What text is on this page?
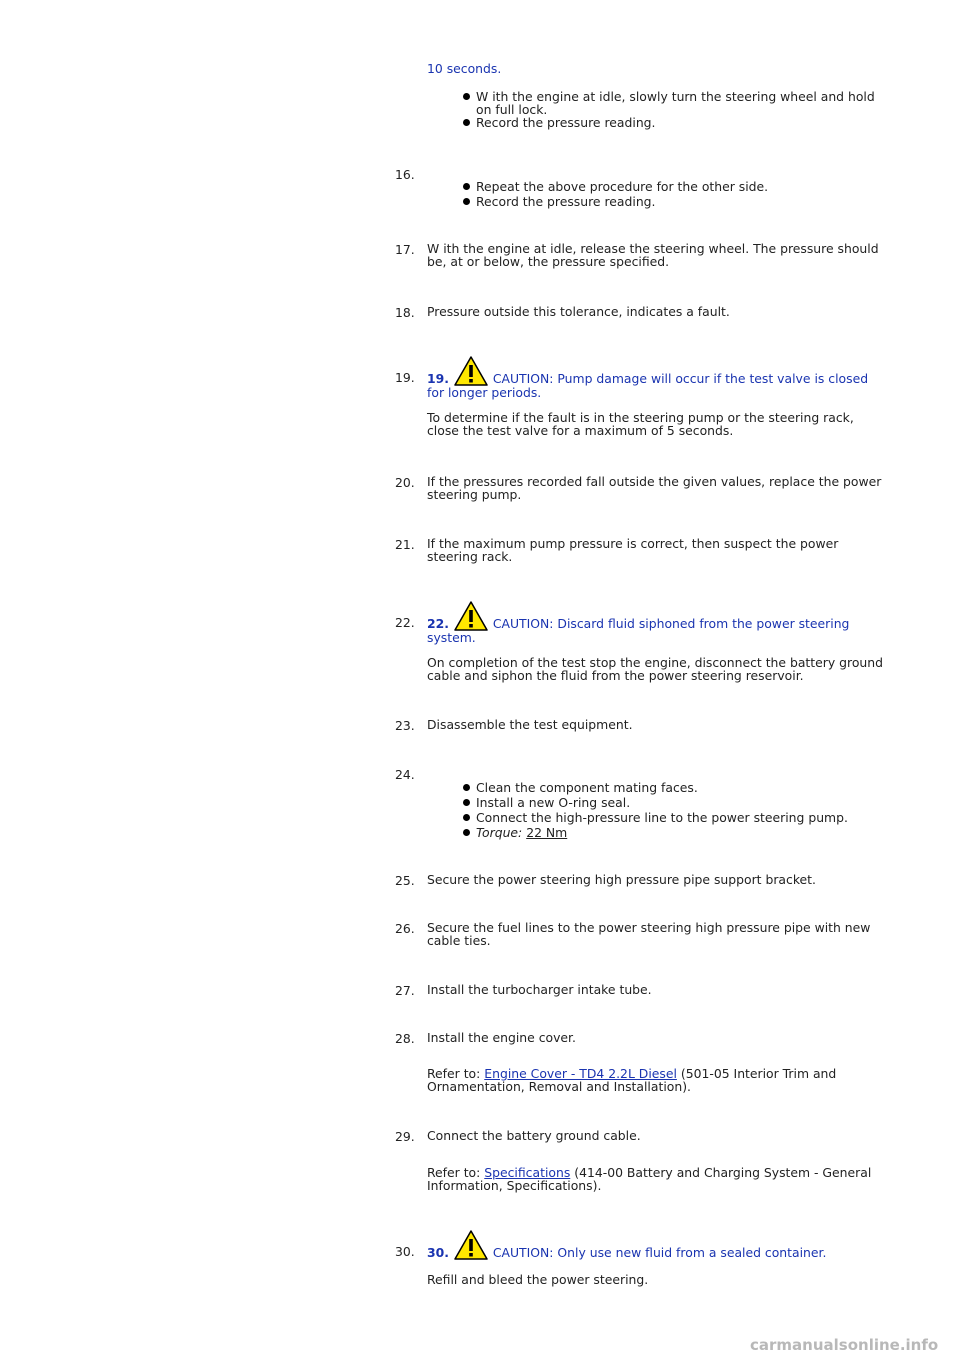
10 seconds.
W ith the engine at idle, slowly turn the steering wheel and hold on full lock.
Record the pressure reading.
16.
Repeat the above procedure for the other side.
Record the pressure reading.
17. W ith the engine at idle, release the steering wheel. The pressure should be, at or below, the pressure specified.
18. Pressure outside this tolerance, indicates a fault.
19. 19.	CAUTION: Pump damage will occur if the test valve is closed for longer periods.
To determine if the fault is in the steering pump or the steering rack, close the test valve for a maximum of 5 seconds.
20. If the pressures recorded fall outside the given values, replace the power steering pump.
21. If the maximum pump pressure is correct, then suspect the power steering rack.
22. 22.	CAUTION: Discard fluid siphoned from the power steering system.
On completion of the test stop the engine, disconnect the battery ground cable and siphon the fluid from the power steering reservoir.
23. Disassemble the test equipment.
24.
Clean the component mating faces.
Install a new O-ring seal.
Connect the high-pressure line to the power steering pump.
Torque: 22 Nm
25. Secure the power steering high pressure pipe support bracket.
26. Secure the fuel lines to the power steering high pressure pipe with new cable ties.
27. Install the turbocharger intake tube.
28. Install the engine cover.
Refer to: Engine Cover - TD4 2.2L Diesel (501-05 Interior Trim and Ornamentation, Removal and Installation).
29. Connect the battery ground cable.
Refer to: Specifications (414-00 Battery and Charging System - General Information, Specifications).
30. 30.	CAUTION: Only use new fluid from a sealed container.
Refill and bleed the power steering.
carmanualsonline.info
